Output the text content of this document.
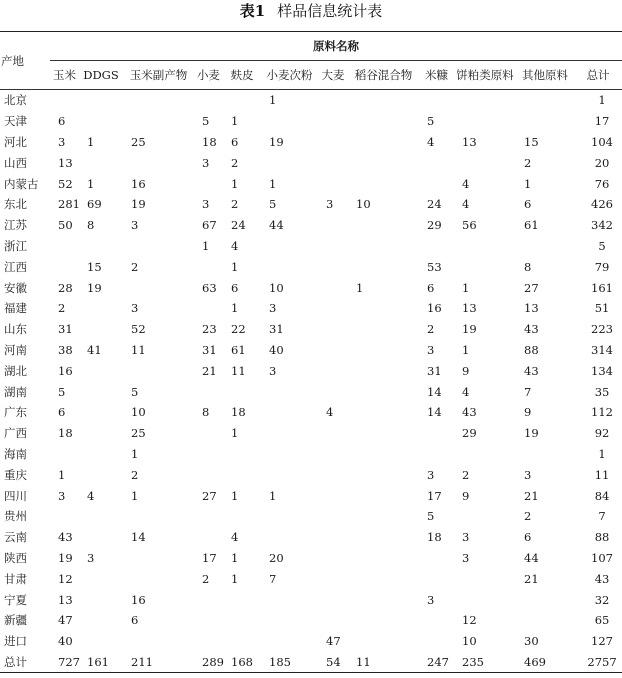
表1 样品信息统计表
产地	原料名称											
	玉米	DDGS	玉米副产物	小麦	麸皮	小麦次粉	大麦	稻谷混合物	米糠	饼粕类原料	其他原料	总计
北京						1						1
天津	6			5	1				5			17
河北	3	1	25	18	6	19			4	13	15	104
山西	13			3	2						2	20
内蒙古	52	1	16		1	1				4	1	76
东北	281	69	19	3	2	5	3	10	24	4	6	426
江苏	50	8	3	67	24	44			29	56	61	342
浙江				1	4							5
江西		15	2		1				53		8	79
安徽	28	19		63	6	10		1	6	1	27	161
福建	2		3		1	3			16	13	13	51
山东	31		52	23	22	31			2	19	43	223
河南	38	41	11	31	61	40			3	1	88	314
湖北	16			21	11	3			31	9	43	134
湖南	5		5						14	4	7	35
广东	6		10	8	18		4		14	43	9	112
广西	18		25		1					29	19	92
海南			1									1
重庆	1		2						3	2	3	11
四川	3	4	1	27	1	1			17	9	21	84
贵州									5		2	7
云南	43		14		4				18	3	6	88
陕西	19	3		17	1	20				3	44	107
甘肃	12			2	1	7					21	43
宁夏	13		16						3			32
新疆	47		6							12		65
进口	40						47			10	30	127
总计	727	161	211	289	168	185	54	11	247	235	469	2757
